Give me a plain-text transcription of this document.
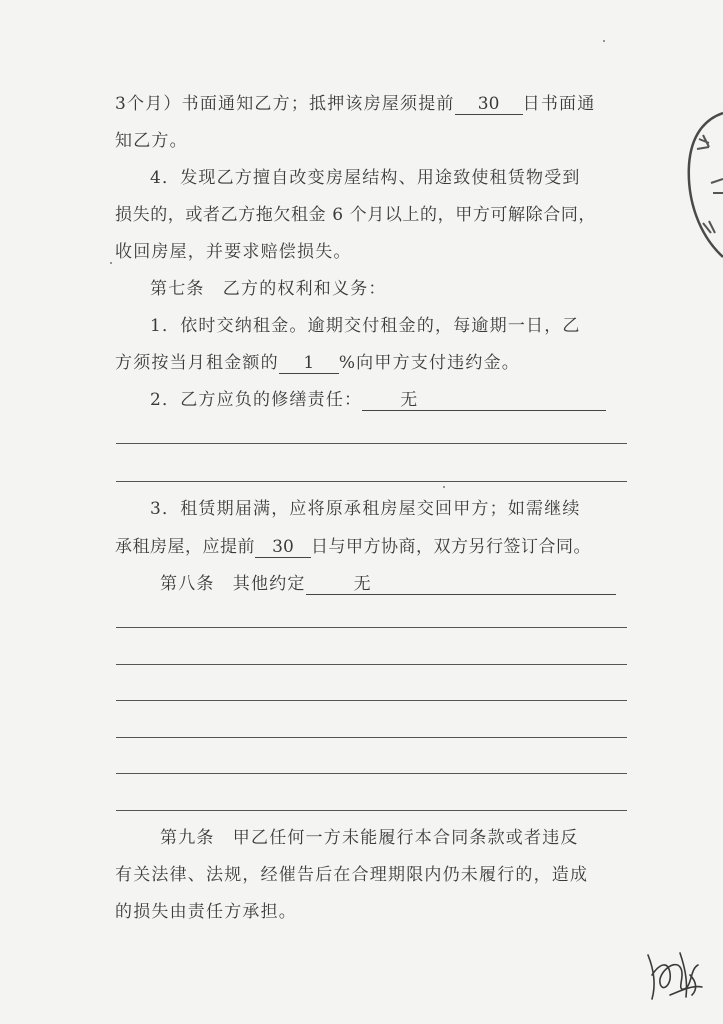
3个月）书面通知乙方；抵押该房屋须提前 30 日书面通
知乙方。
4．发现乙方擅自改变房屋结构、用途致使租赁物受到
损失的，或者乙方拖欠租金 6 个月以上的，甲方可解除合同，
收回房屋，并要求赔偿损失。
第七条　乙方的权利和义务：
1．依时交纳租金。逾期交付租金的，每逾期一日，乙
方须按当月租金额的 1 %向甲方支付违约金。
2．乙方应负的修缮责任： 无
3．租赁期届满，应将原承租房屋交回甲方；如需继续
承租房屋，应提前 30 日与甲方协商，双方另行签订合同。
第八条　其他约定	无
第九条　甲乙任何一方未能履行本合同条款或者违反
有关法律、法规，经催告后在合理期限内仍未履行的，造成
的损失由责任方承担。
